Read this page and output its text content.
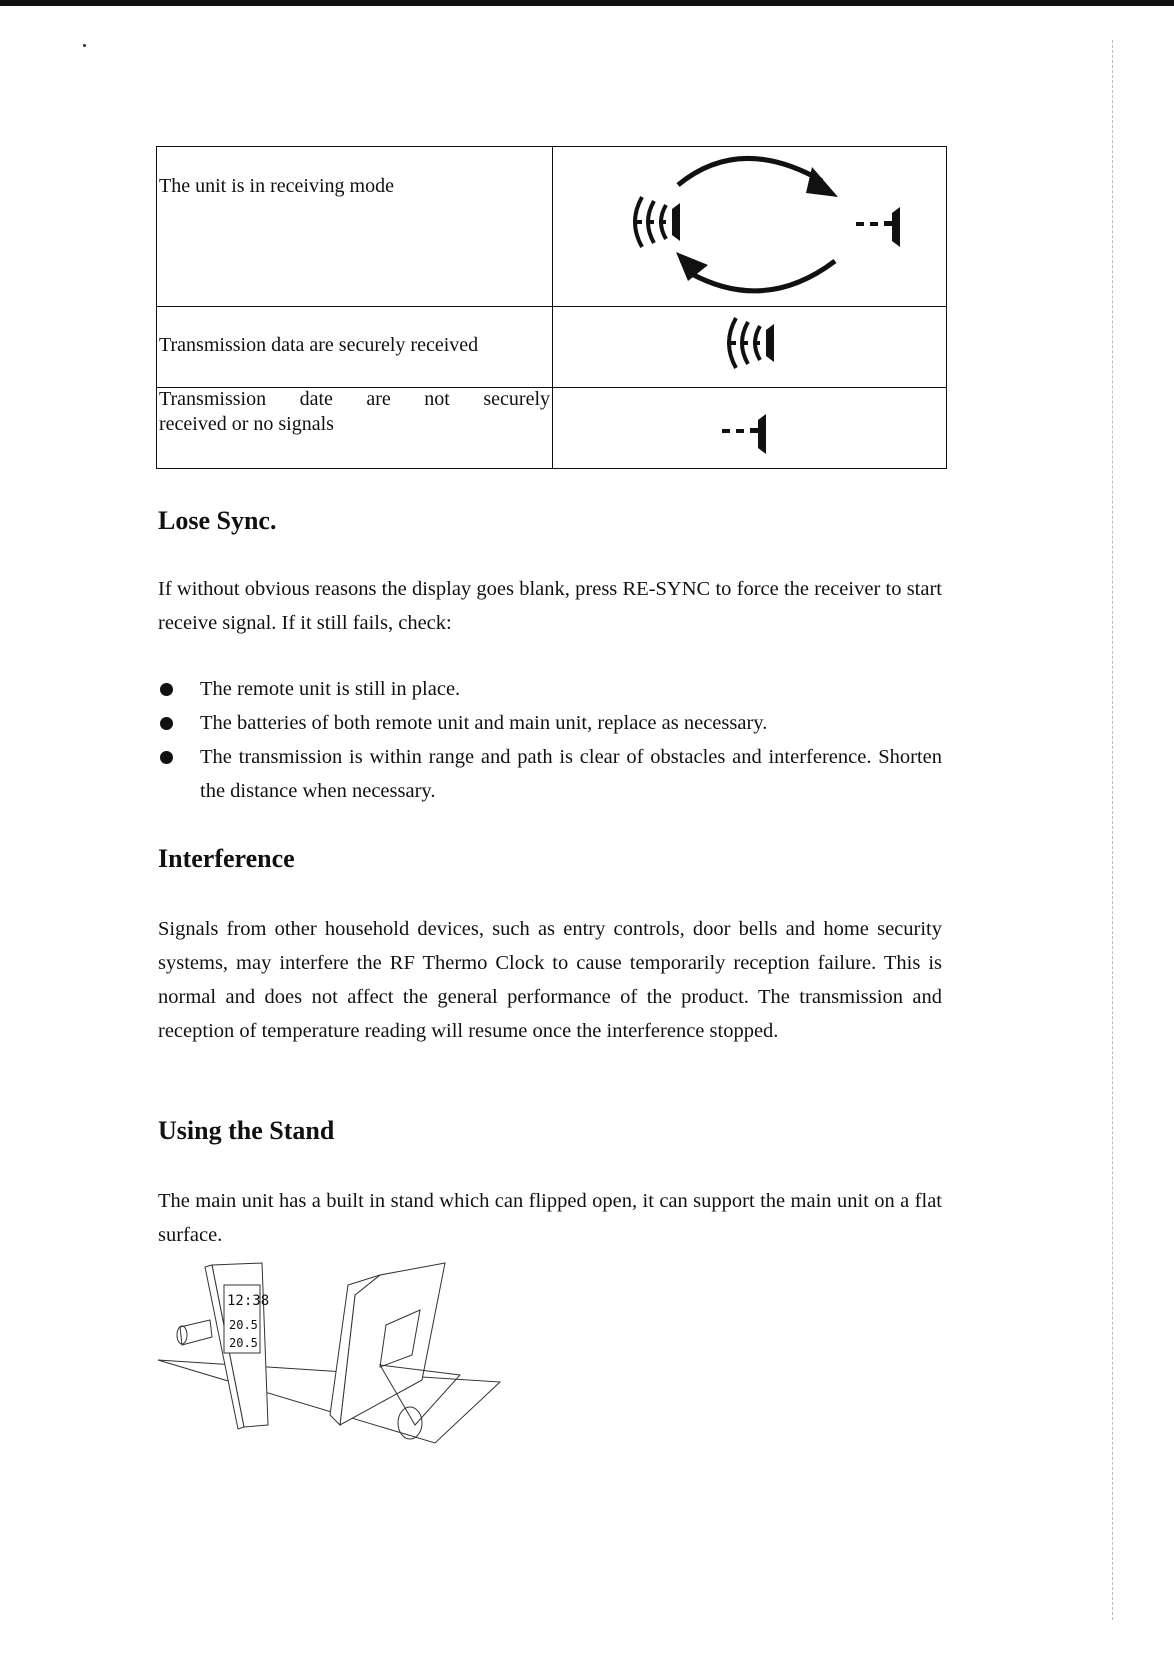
The unit is in receiving mode

Transmission data are securely received

Transmission date are not securely
received or no signals

Lose Sync.

If without obvious reasons the display goes blank, press RE-SYNC to force the receiver to start receive signal. If it still fails, check:

The remote unit is still in place.
The batteries of both remote unit and main unit, replace as necessary.
The transmission is within range and path is clear of obstacles and interference. Shorten the distance when necessary.
Interference

Signals from other household devices, such as entry controls, door bells and home security systems, may interfere the RF Thermo Clock to cause temporarily reception failure. This is normal and does not affect the general performance of the product. The transmission and reception of temperature reading will resume once the interference stopped.

Using the Stand

The main unit has a built in stand which can flipped open, it can support the main unit on a flat surface.

12:38
20.5
20.5
